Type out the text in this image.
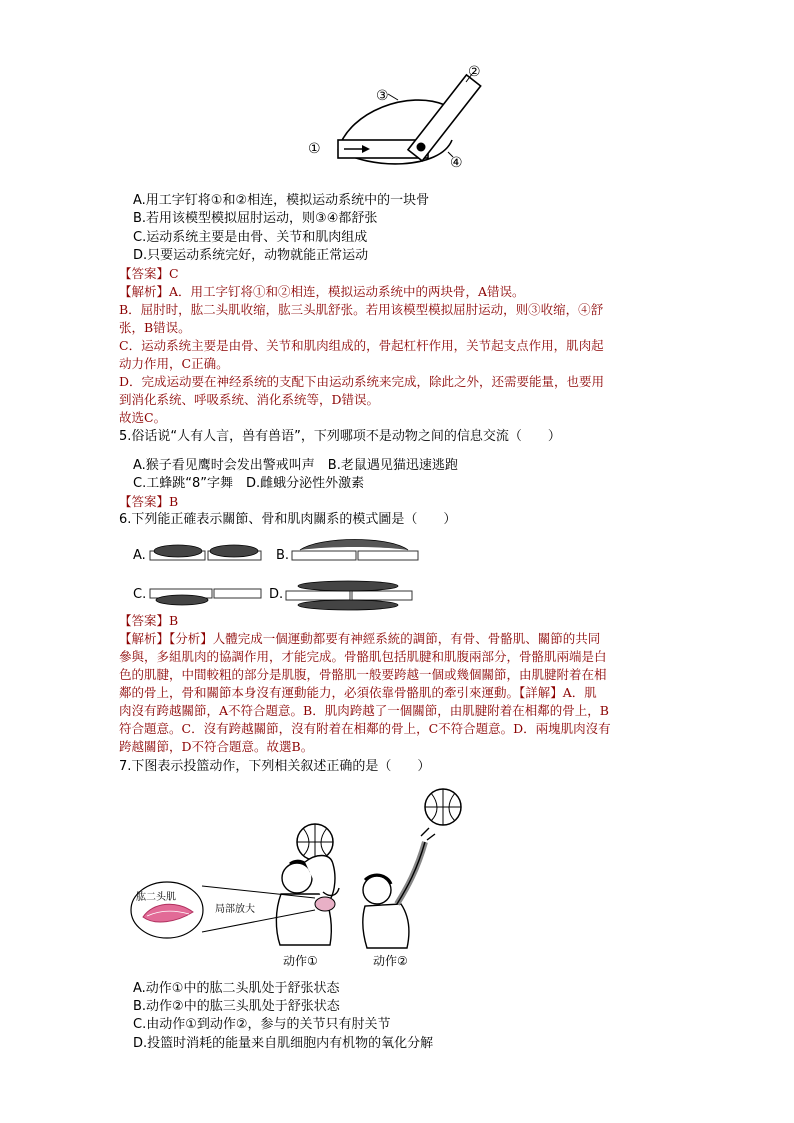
①
②
③
④
A.用工字钉将①和②相连，模拟运动系统中的一块骨
B.若用该模型模拟屈肘运动，则③④都舒张
C.运动系统主要是由骨、关节和肌肉组成
D.只要运动系统完好，动物就能正常运动
【答案】C
【解析】A．用工字钉将①和②相连，模拟运动系统中的两块骨，A错误。
B．屈肘时，肱二头肌收缩，肱三头肌舒张。若用该模型模拟屈肘运动，则③收缩，④舒
张，B错误。
C．运动系统主要是由骨、关节和肌肉组成的，骨起杠杆作用，关节起支点作用，肌肉起
动力作用，C正确。
D．完成运动要在神经系统的支配下由运动系统来完成，除此之外，还需要能量，也要用
到消化系统、呼吸系统、消化系统等，D错误。
故选C。
5.俗话说“人有人言，兽有兽语”，下列哪项不是动物之间的信息交流（　　）
A.猴子看见鹰时会发出警戒叫声　B.老鼠遇见猫迅速逃跑
C.工蜂跳“8”字舞　D.雌蛾分泌性外激素
【答案】B
6.下列能正確表示關節、骨和肌肉關系的模式圖是（　　）
A.	B.
C.	D.
【答案】B
【解析】【分析】人體完成一個運動都要有神經系統的調節，有骨、骨骼肌、關節的共同
參與，多組肌肉的協調作用，才能完成。骨骼肌包括肌腱和肌腹兩部分，骨骼肌兩端是白
色的肌腱，中間較粗的部分是肌腹，骨骼肌一般要跨越一個或幾個關節，由肌腱附着在相
鄰的骨上，骨和關節本身沒有運動能力，必須依靠骨骼肌的牽引來運動。【詳解】A．肌
肉沒有跨越關節，A不符合題意。B．肌肉跨越了一個關節，由肌腱附着在相鄰的骨上，B
符合題意。C．沒有跨越關節，沒有附着在相鄰的骨上，C不符合題意。D．兩塊肌肉沒有
跨越關節，D不符合題意。故選B。
7.下图表示投篮动作，下列相关叙述正确的是（　　）
肱二头肌
局部放大
动作①	动作②
A.动作①中的肱二头肌处于舒张状态
B.动作②中的肱三头肌处于舒张状态
C.由动作①到动作②，参与的关节只有肘关节
D.投篮时消耗的能量来自肌细胞内有机物的氧化分解
